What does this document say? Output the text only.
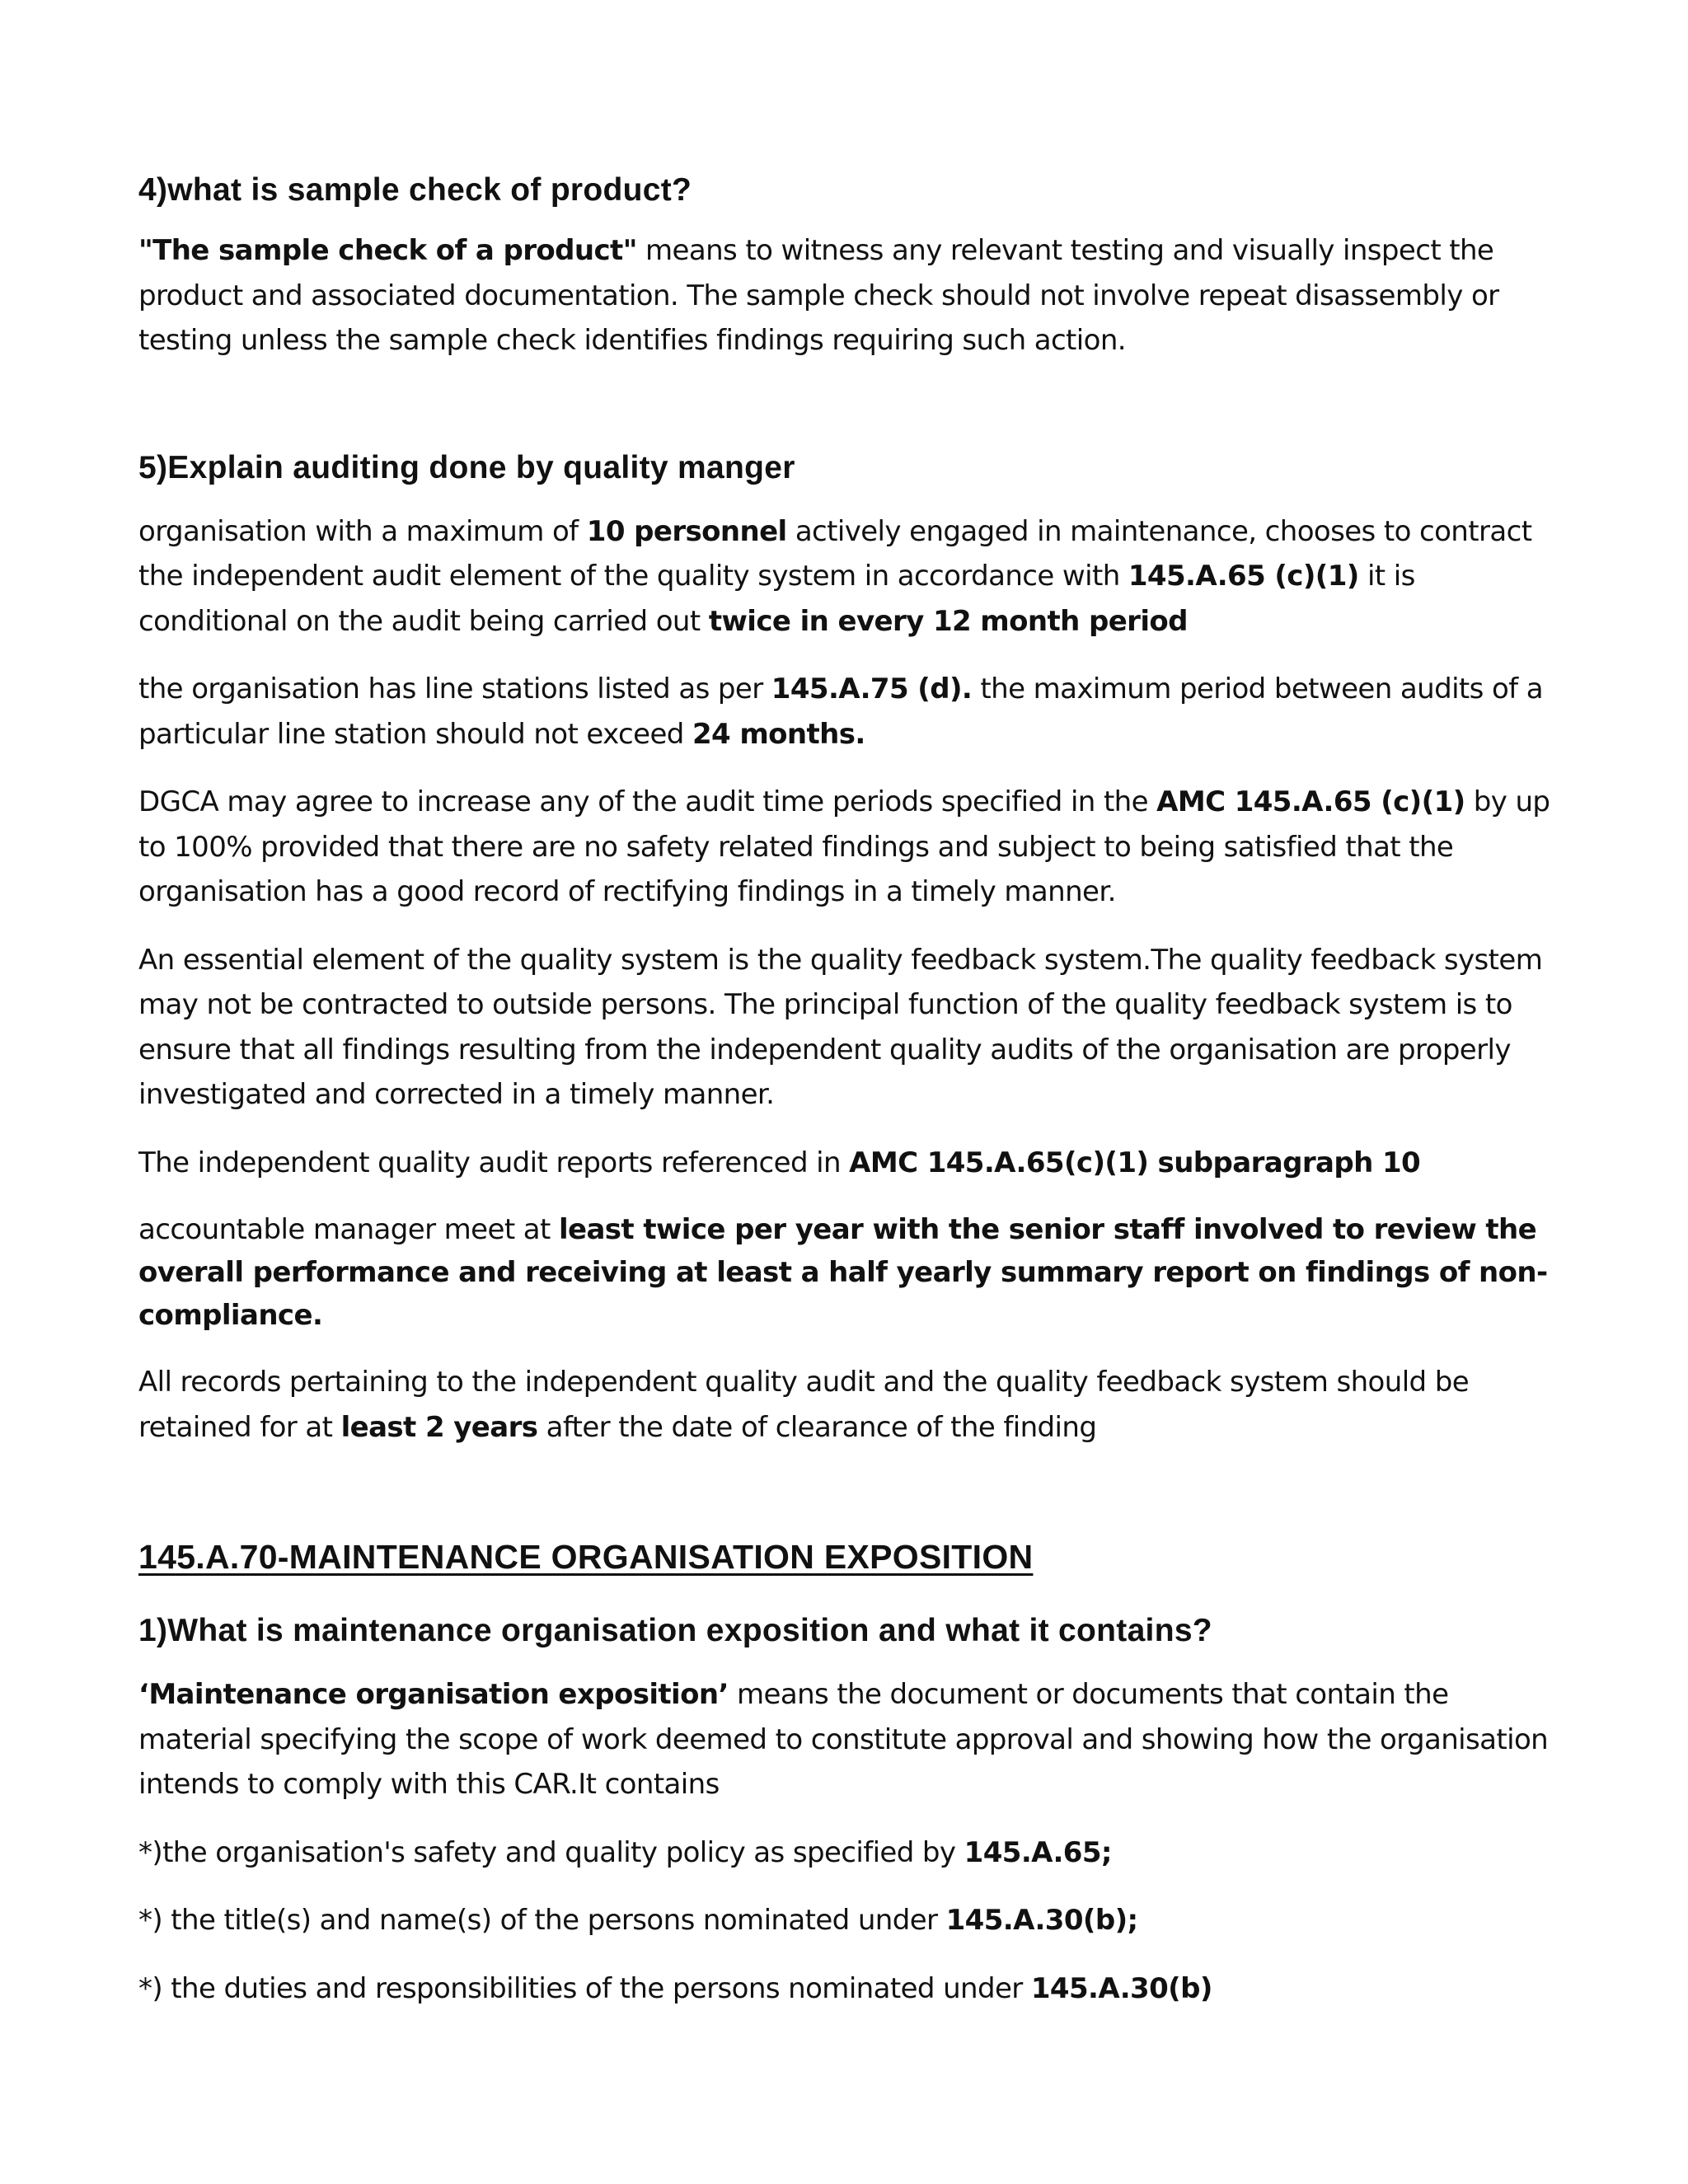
4)what is sample check of product?

"The sample check of a product" means to witness any relevant testing and visually inspect the product and associated documentation. The sample check should not involve repeat disassembly or testing unless the sample check identifies findings requiring such action.

5)Explain auditing done by quality manger

organisation with a maximum of 10 personnel actively engaged in maintenance, chooses to contract the independent audit element of the quality system in accordance with 145.A.65 (c)(1) it is conditional on the audit being carried out twice in every 12 month period

the organisation has line stations listed as per 145.A.75 (d). the maximum period between audits of a particular line station should not exceed 24 months.

DGCA may agree to increase any of the audit time periods specified in the AMC 145.A.65 (c)(1) by up to 100% provided that there are no safety related findings and subject to being satisfied that the organisation has a good record of rectifying findings in a timely manner.

An essential element of the quality system is the quality feedback system.The quality feedback system may not be contracted to outside persons. The principal function of the quality feedback system is to ensure that all findings resulting from the independent quality audits of the organisation are properly investigated and corrected in a timely manner.

The independent quality audit reports referenced in AMC 145.A.65(c)(1) subparagraph 10

accountable manager meet at least twice per year with the senior staff involved to review the overall performance and receiving at least a half yearly summary report on findings of non-compliance.

All records pertaining to the independent quality audit and the quality feedback system should be retained for at least 2 years after the date of clearance of the finding

145.A.70-MAINTENANCE ORGANISATION EXPOSITION
1)What is maintenance organisation exposition and what it contains?

‘Maintenance organisation exposition’ means the document or documents that contain the material specifying the scope of work deemed to constitute approval and showing how the organisation intends to comply with this CAR.It contains

*)the organisation's safety and quality policy as specified by 145.A.65;

*) the title(s) and name(s) of the persons nominated under 145.A.30(b);

*) the duties and responsibilities of the persons nominated under 145.A.30(b)
